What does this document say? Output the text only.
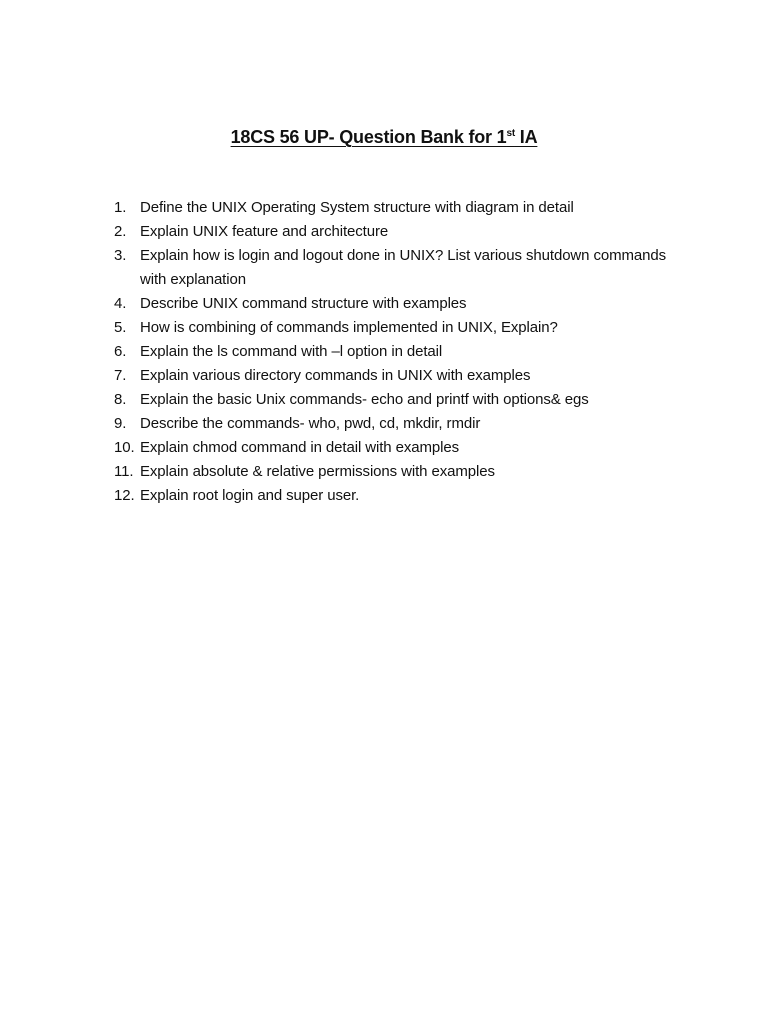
18CS 56 UP- Question Bank for 1st IA
1. Define the UNIX Operating System structure with diagram in detail
2. Explain UNIX feature and architecture
3. Explain how is login and logout done in UNIX? List various shutdown commands with explanation
4. Describe UNIX command structure with examples
5. How is combining of commands implemented in UNIX, Explain?
6. Explain the ls command with –l option in detail
7. Explain various directory commands in UNIX with examples
8. Explain the basic Unix commands- echo and printf with options& egs
9. Describe the commands- who, pwd, cd, mkdir, rmdir
10. Explain chmod command in detail with examples
11. Explain absolute & relative permissions with examples
12. Explain root login and super user.
